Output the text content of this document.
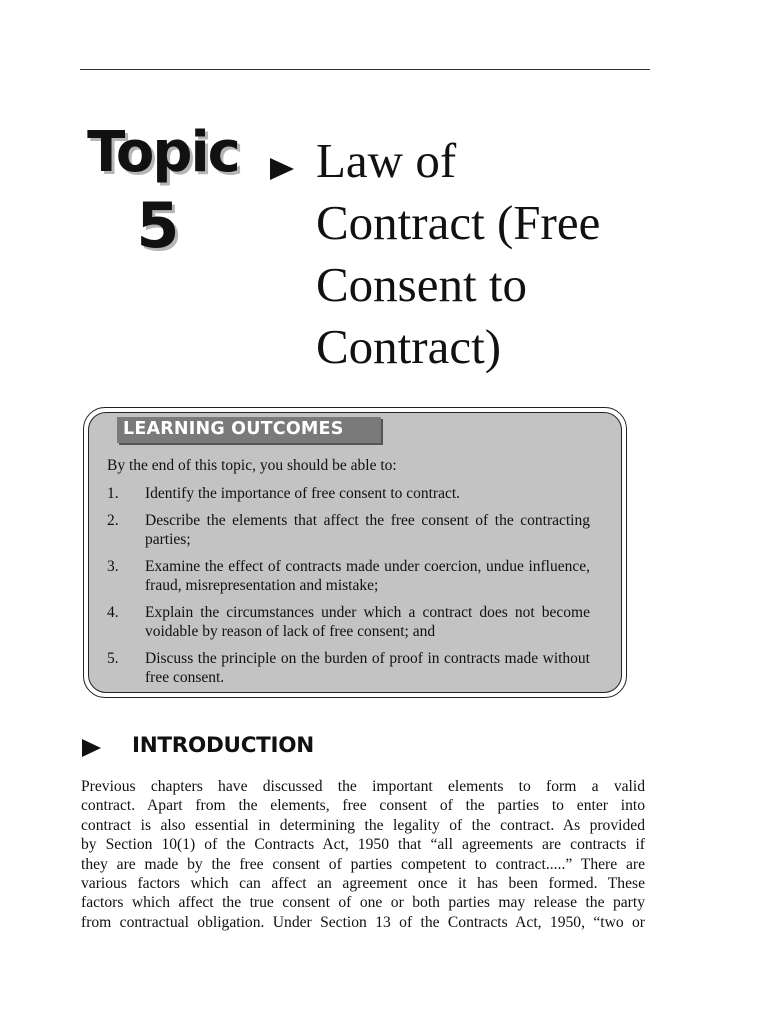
Topic
5
Law of
Contract (Free
Consent to
Contract)
LEARNING OUTCOMES
By the end of this topic, you should be able to:
1.	Identify the importance of free consent to contract.
2.	Describe the elements that affect the free consent of the contracting parties;
3.	Examine the effect of contracts made under coercion, undue influence, fraud, misrepresentation and mistake;
4.	Explain the circumstances under which a contract does not become voidable by reason of lack of free consent; and
5.	Discuss the principle on the burden of proof in contracts made without free consent.
INTRODUCTION
Previous chapters have discussed the important elements to form a valid
contract. Apart from the elements, free consent of the parties to enter into
contract is also essential in determining the legality of the contract. As provided
by Section 10(1) of the Contracts Act, 1950 that “all agreements are contracts if
they are made by the free consent of parties competent to contract.....” There are
various factors which can affect an agreement once it has been formed. These
factors which affect the true consent of one or both parties may release the party
from contractual obligation. Under Section 13 of the Contracts Act, 1950, “two or
